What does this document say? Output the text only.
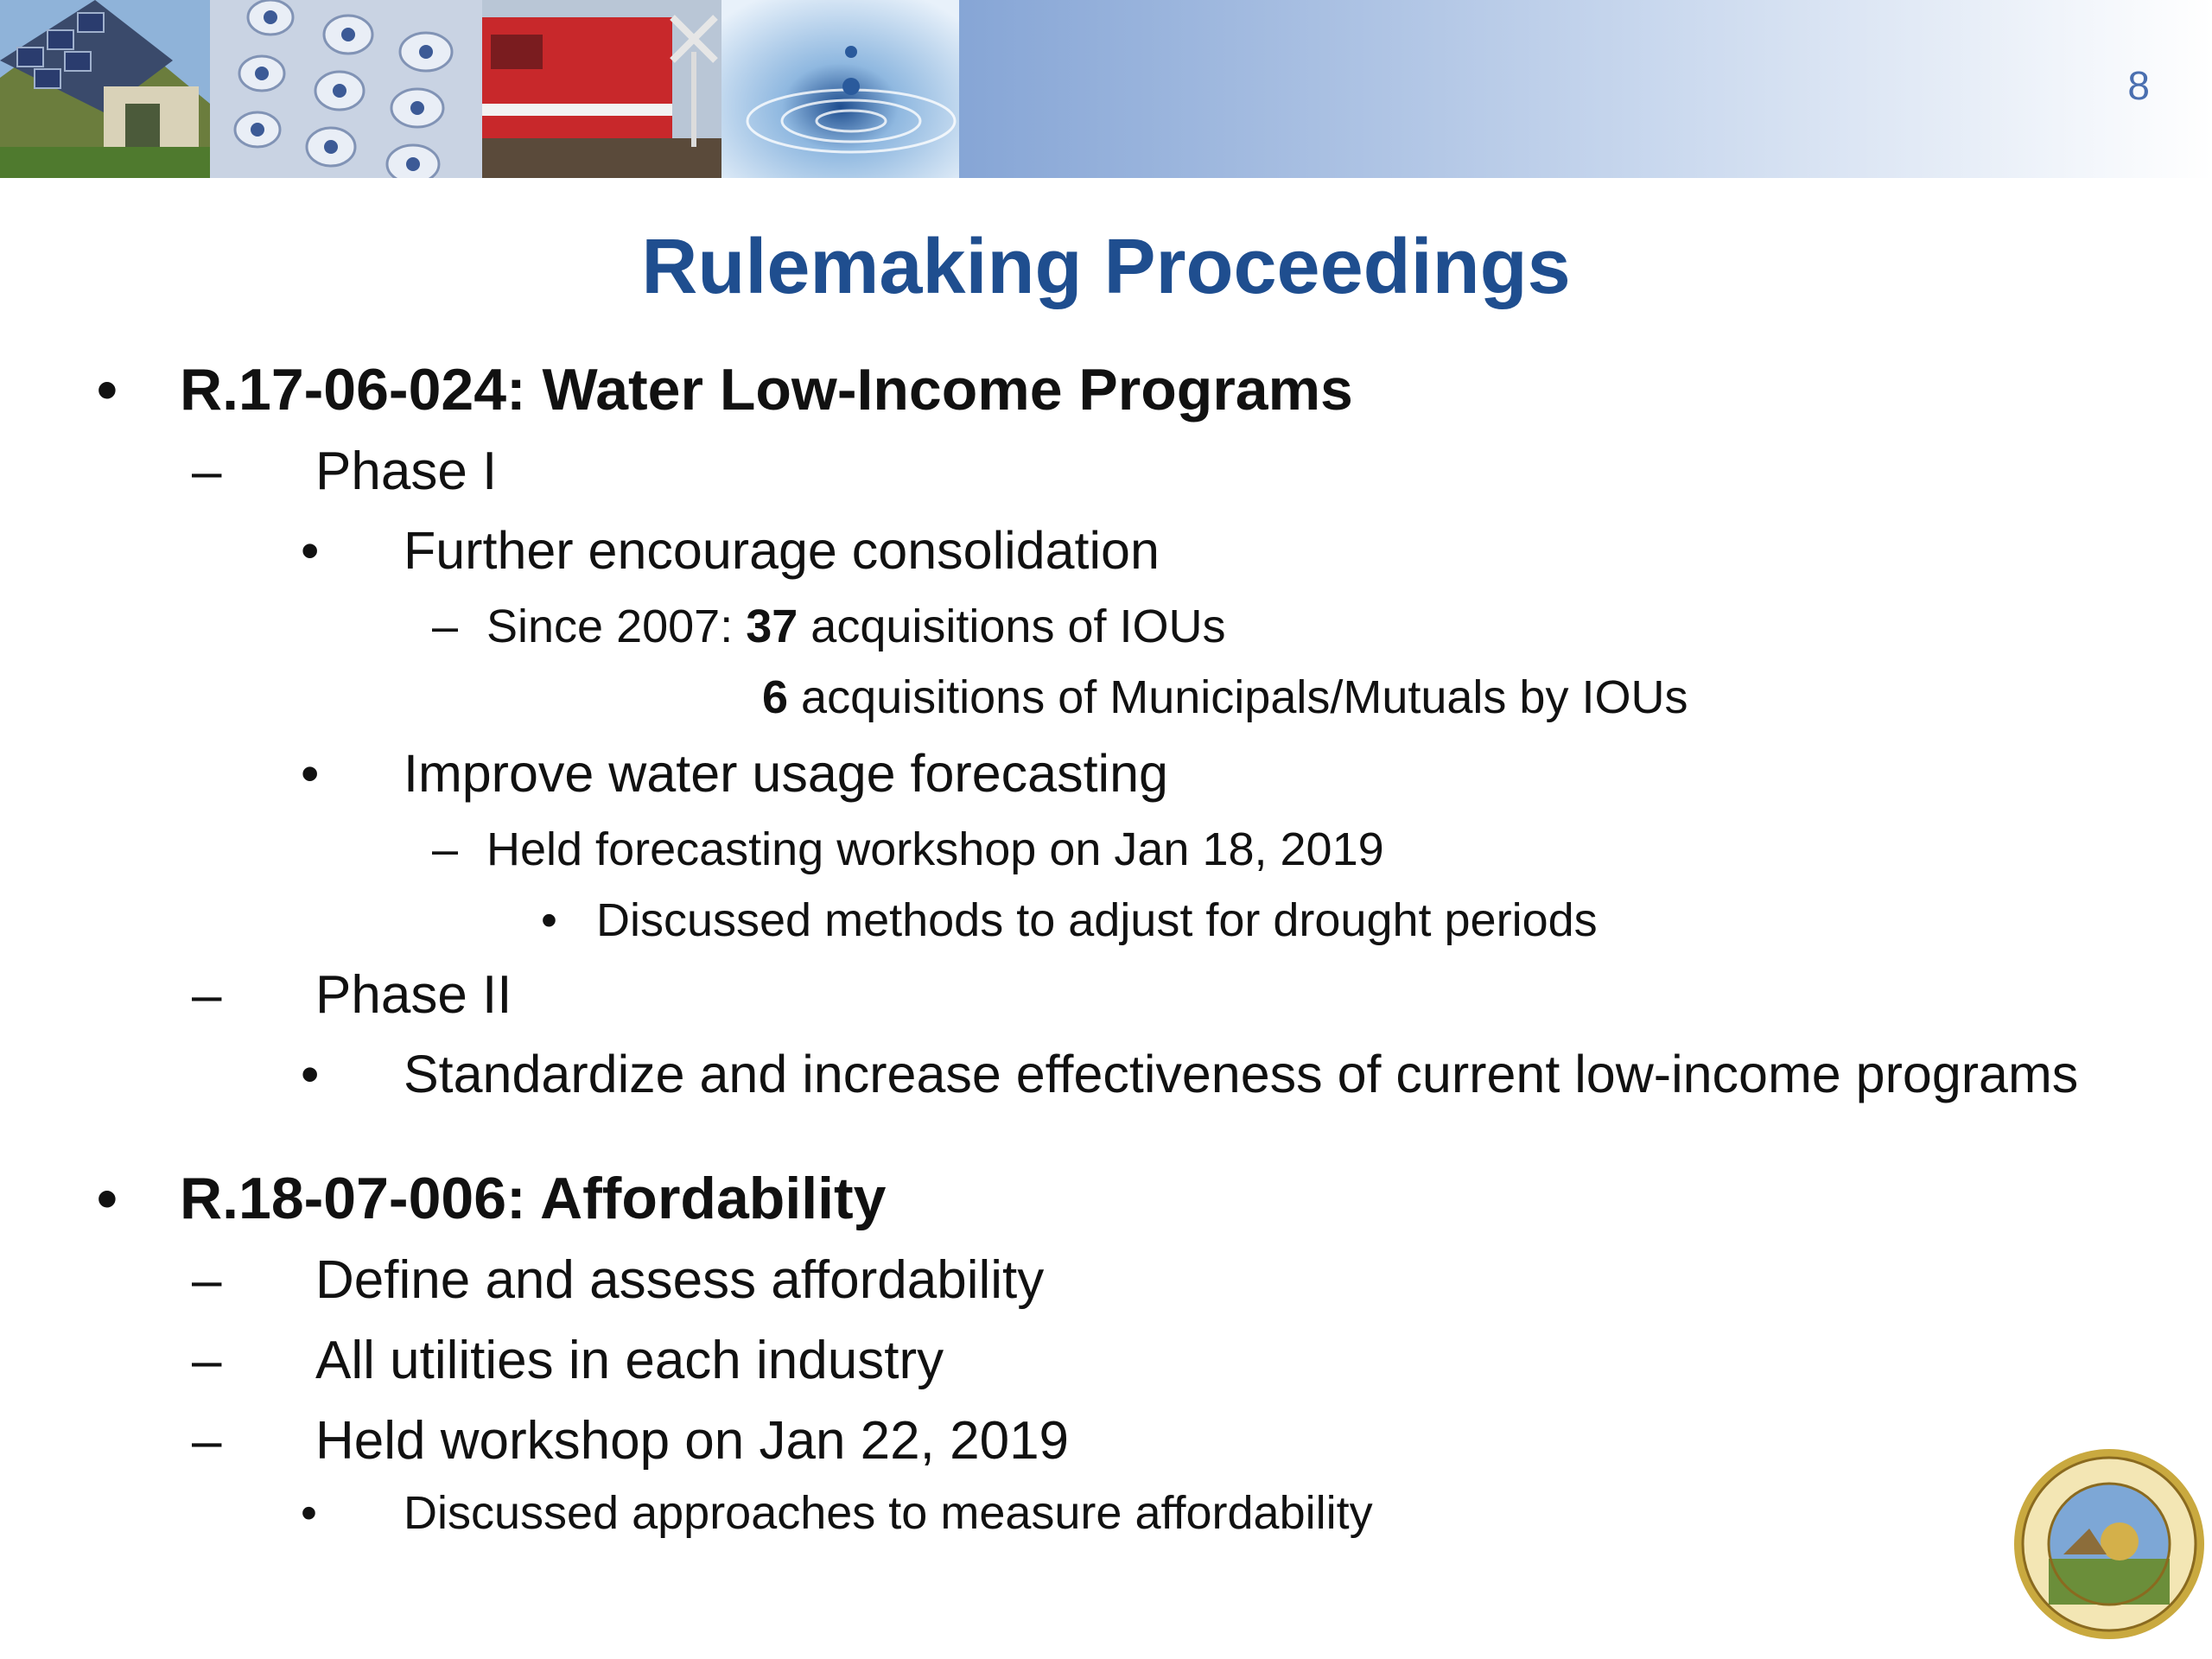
8
Rulemaking Proceedings
• R.17-06-024: Water Low-Income Programs
– Phase I
• Further encourage consolidation
– Since 2007: 37 acquisitions of IOUs
6 acquisitions of Municipals/Mutuals by IOUs
• Improve water usage forecasting
– Held forecasting workshop on Jan 18, 2019
• Discussed methods to adjust for drought periods
– Phase II
• Standardize and increase effectiveness of current low-income programs
• R.18-07-006: Affordability
– Define and assess affordability
– All utilities in each industry
– Held workshop on Jan 22, 2019
• Discussed approaches to measure affordability
